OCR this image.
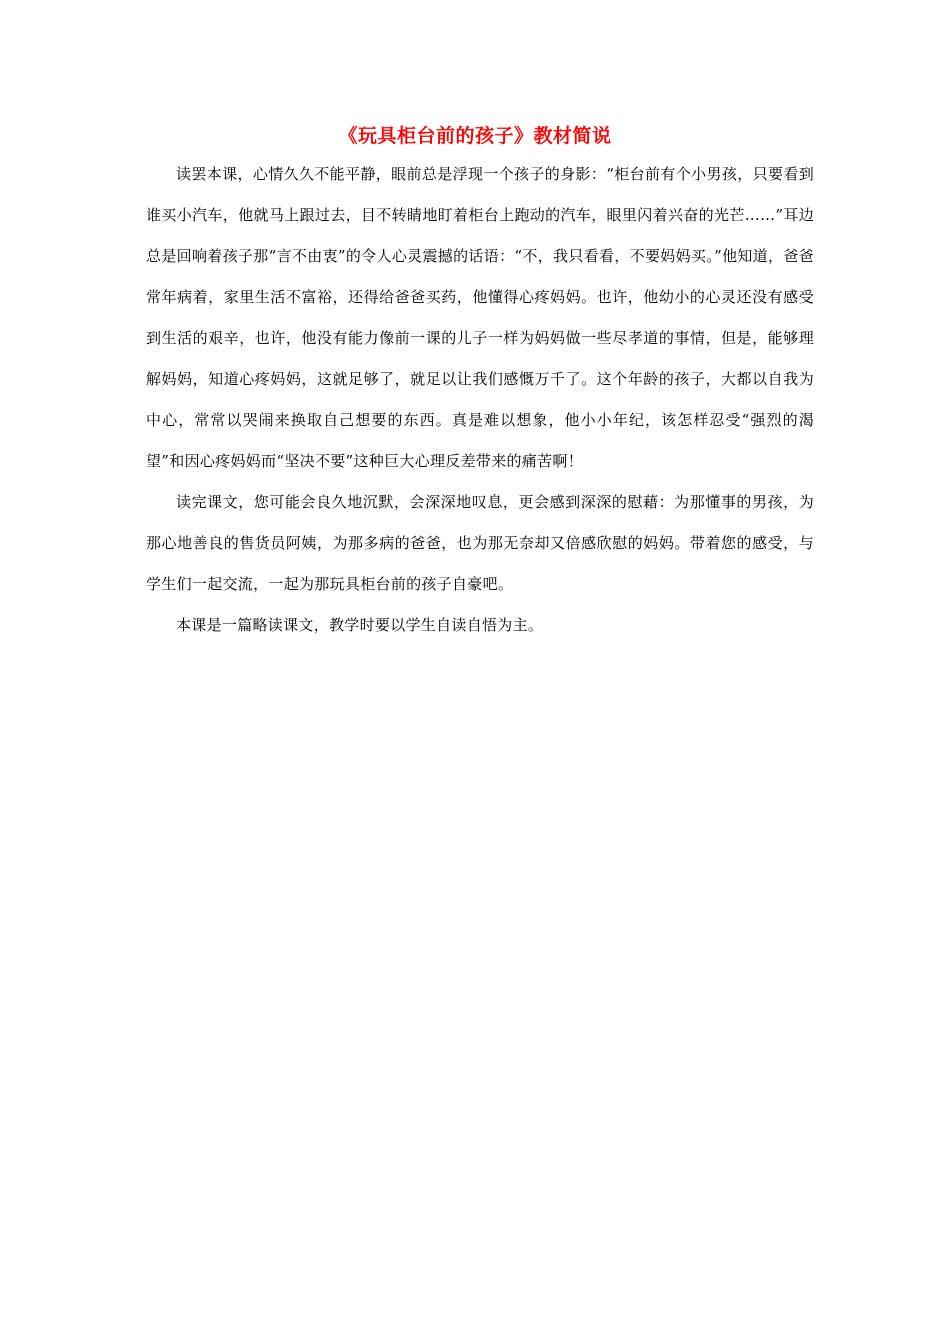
《玩具柜台前的孩子》教材简说

读罢本课，心情久久不能平静，眼前总是浮现一个孩子的身影：“柜台前有个小男孩，只要看到谁买小汽车，他就马上跟过去，目不转睛地盯着柜台上跑动的汽车，眼里闪着兴奋的光芒……”耳边总是回响着孩子那“言不由衷”的令人心灵震撼的话语：“不，我只看看，不要妈妈买。”他知道，爸爸常年病着，家里生活不富裕，还得给爸爸买药，他懂得心疼妈妈。也许，他幼小的心灵还没有感受到生活的艰辛，也许，他没有能力像前一课的儿子一样为妈妈做一些尽孝道的事情，但是，能够理解妈妈，知道心疼妈妈，这就足够了，就足以让我们感慨万千了。这个年龄的孩子，大都以自我为中心，常常以哭闹来换取自己想要的东西。真是难以想象，他小小年纪，该怎样忍受“强烈的渴望”和因心疼妈妈而“坚决不要”这种巨大心理反差带来的痛苦啊！

读完课文，您可能会良久地沉默，会深深地叹息，更会感到深深的慰藉：为那懂事的男孩，为那心地善良的售货员阿姨，为那多病的爸爸，也为那无奈却又倍感欣慰的妈妈。带着您的感受，与学生们一起交流，一起为那玩具柜台前的孩子自豪吧。

本课是一篇略读课文，教学时要以学生自读自悟为主。
